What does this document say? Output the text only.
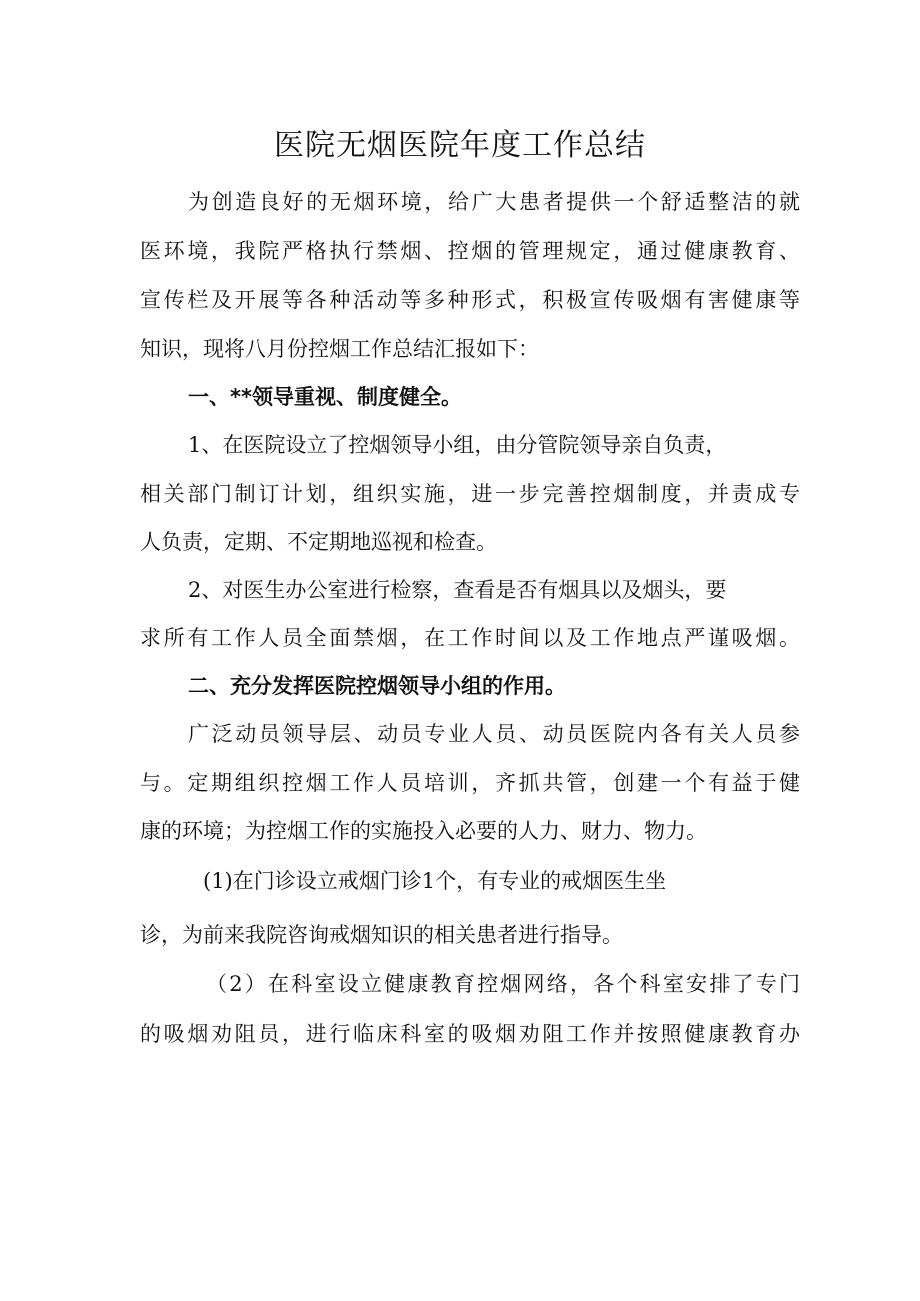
医院无烟医院年度工作总结
为创造良好的无烟环境，给广大患者提供一个舒适整洁的就
医环境，我院严格执行禁烟、控烟的管理规定，通过健康教育、
宣传栏及开展等各种活动等多种形式，积极宣传吸烟有害健康等
知识，现将八月份控烟工作总结汇报如下：
一、**领导重视、制度健全。
1、在医院设立了控烟领导小组，由分管院领导亲自负责，
相关部门制订计划，组织实施，进一步完善控烟制度，并责成专
人负责，定期、不定期地巡视和检查。
2、对医生办公室进行检察，查看是否有烟具以及烟头，要
求所有工作人员全面禁烟，在工作时间以及工作地点严谨吸烟。
二、充分发挥医院控烟领导小组的作用。
广泛动员领导层、动员专业人员、动员医院内各有关人员参
与。定期组织控烟工作人员培训，齐抓共管，创建一个有益于健
康的环境；为控烟工作的实施投入必要的人力、财力、物力。
(1)在门诊设立戒烟门诊1个，有专业的戒烟医生坐
诊，为前来我院咨询戒烟知识的相关患者进行指导。
（2）在科室设立健康教育控烟网络，各个科室安排了专门
的吸烟劝阻员，进行临床科室的吸烟劝阻工作并按照健康教育办
